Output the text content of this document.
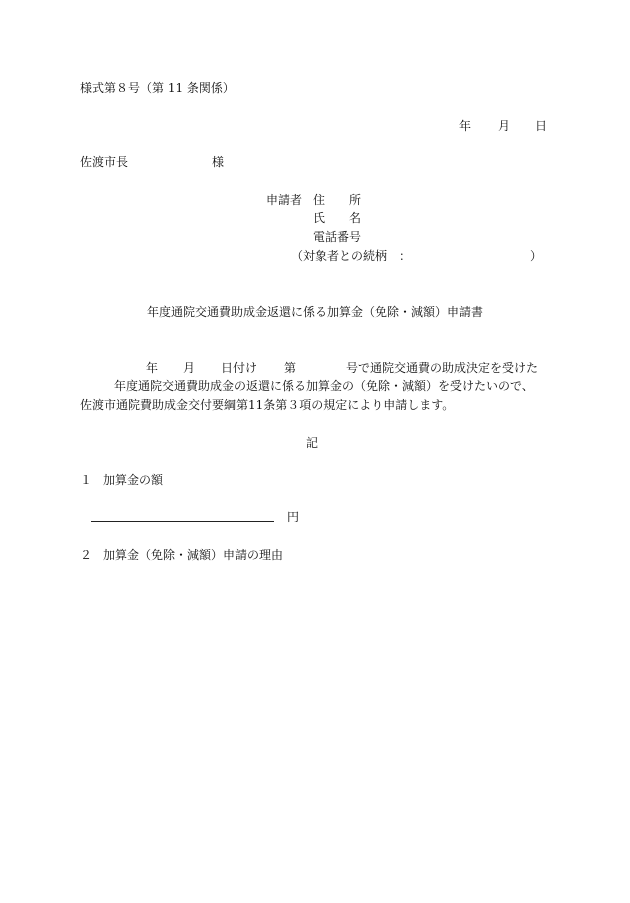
様式第８号（第 11 条関係）
年 月 日
佐渡市長	様
申請者 住　　所
氏　　名
電話番号
（対象者との続柄　：	）
年度通院交通費助成金返還に係る加算金（免除・減額）申請書
年 月 日付け 第	号で通院交通費の助成決定を受けた
年度通院交通費助成金の返還に係る加算金の（免除・減額）を受けたいので、
佐渡市通院費助成金交付要綱第11条第３項の規定により申請します。
記
１ 加算金の額
円
２ 加算金（免除・減額）申請の理由
